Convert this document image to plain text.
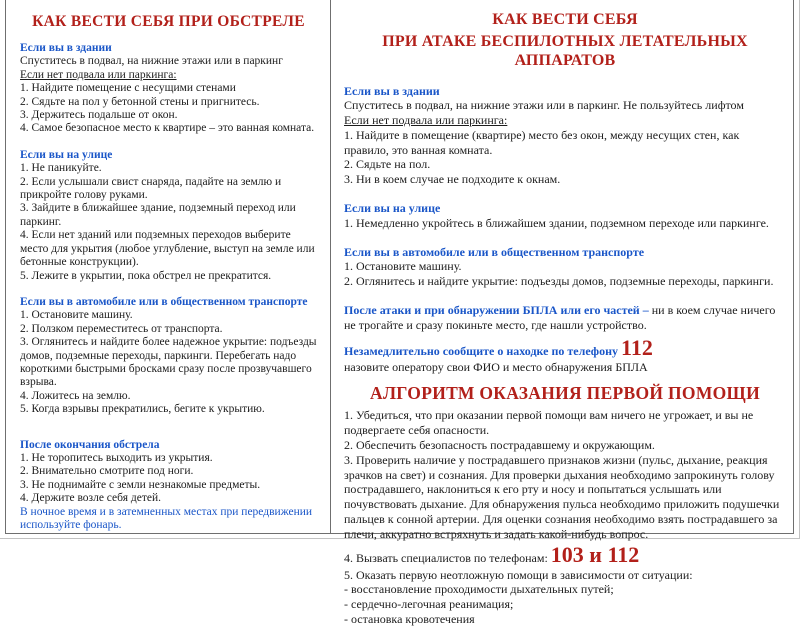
КАК ВЕСТИ СЕБЯ ПРИ ОБСТРЕЛЕ
Если вы в здании
Спуститесь в подвал, на нижние этажи или в паркинг
Если нет подвала или паркинга:
1. Найдите помещение с несущими стенами
2. Сядьте на пол у бетонной стены и пригнитесь.
3. Держитесь подальше от окон.
4. Самое безопасное место к квартире – это ванная комната.
Если вы на улице
1. Не паникуйте.
2. Если услышали свист снаряда, падайте на землю и прикройте голову руками.
3. Зайдите в ближайшее здание, подземный переход или паркинг.
4. Если нет зданий или подземных переходов выберите место для укрытия (любое углубление, выступ на земле или бетонные конструкции).
5. Лежите в укрытии, пока обстрел не прекратится.
Если вы в автомобиле или в общественном транспорте
1. Остановите машину.
2. Ползком переместитесь от транспорта.
3. Оглянитесь и найдите более надежное укрытие: подъезды домов, подземные переходы, паркинги. Перебегать надо короткими быстрыми бросками сразу после прозвучавшего взрыва.
4. Ложитесь на землю.
5. Когда взрывы прекратились, бегите к укрытию.
После окончания обстрела
1. Не торопитесь выходить из укрытия.
2. Внимательно смотрите под ноги.
3. Не поднимайте с земли незнакомые предметы.
4. Держите возле себя детей.
В ночное время и в затемненных местах при передвижении используйте фонарь.
КАК ВЕСТИ СЕБЯ
ПРИ АТАКЕ БЕСПИЛОТНЫХ ЛЕТАТЕЛЬНЫХ АППАРАТОВ
Если вы в здании
Спуститесь в подвал, на нижние этажи или в паркинг. Не пользуйтесь лифтом
Если нет подвала или паркинга:
1. Найдите в помещение (квартире) место без окон, между несущих стен, как правило, это ванная комната.
2. Сядьте на пол.
3. Ни в коем случае не подходите к окнам.
Если вы на улице
1. Немедленно укройтесь в ближайшем здании, подземном переходе или паркинге.
Если вы в автомобиле или в общественном транспорте
1. Остановите машину.
2. Оглянитесь и найдите укрытие: подъезды домов, подземные переходы, паркинги.
После атаки и при обнаружении БПЛА или его частей – ни в коем случае ничего не трогайте и сразу покиньте место, где нашли устройство.
Незамедлительно сообщите о находке по телефону 112
назовите оператору свои ФИО и место обнаружения БПЛА
АЛГОРИТМ ОКАЗАНИЯ ПЕРВОЙ ПОМОЩИ
1. Убедиться, что при оказании первой помощи вам ничего не угрожает, и вы не подвергаете себя опасности.
2. Обеспечить безопасность пострадавшему и окружающим.
3. Проверить наличие у пострадавшего признаков жизни (пульс, дыхание, реакция зрачков на свет) и сознания. Для проверки дыхания необходимо запрокинуть голову пострадавшего, наклониться к его рту и носу и попытаться услышать или почувствовать дыхание. Для обнаружения пульса необходимо приложить подушечки пальцев к сонной артерии. Для оценки сознания необходимо взять пострадавшего за плечи, аккуратно встряхнуть и задать какой-нибудь вопрос.
4. Вызвать специалистов по телефонам: 103 и 112
5. Оказать первую неотложную помощи в зависимости от ситуации:
- восстановление проходимости дыхательных путей;
- сердечно-легочная реанимация;
- остановка кровотечения
